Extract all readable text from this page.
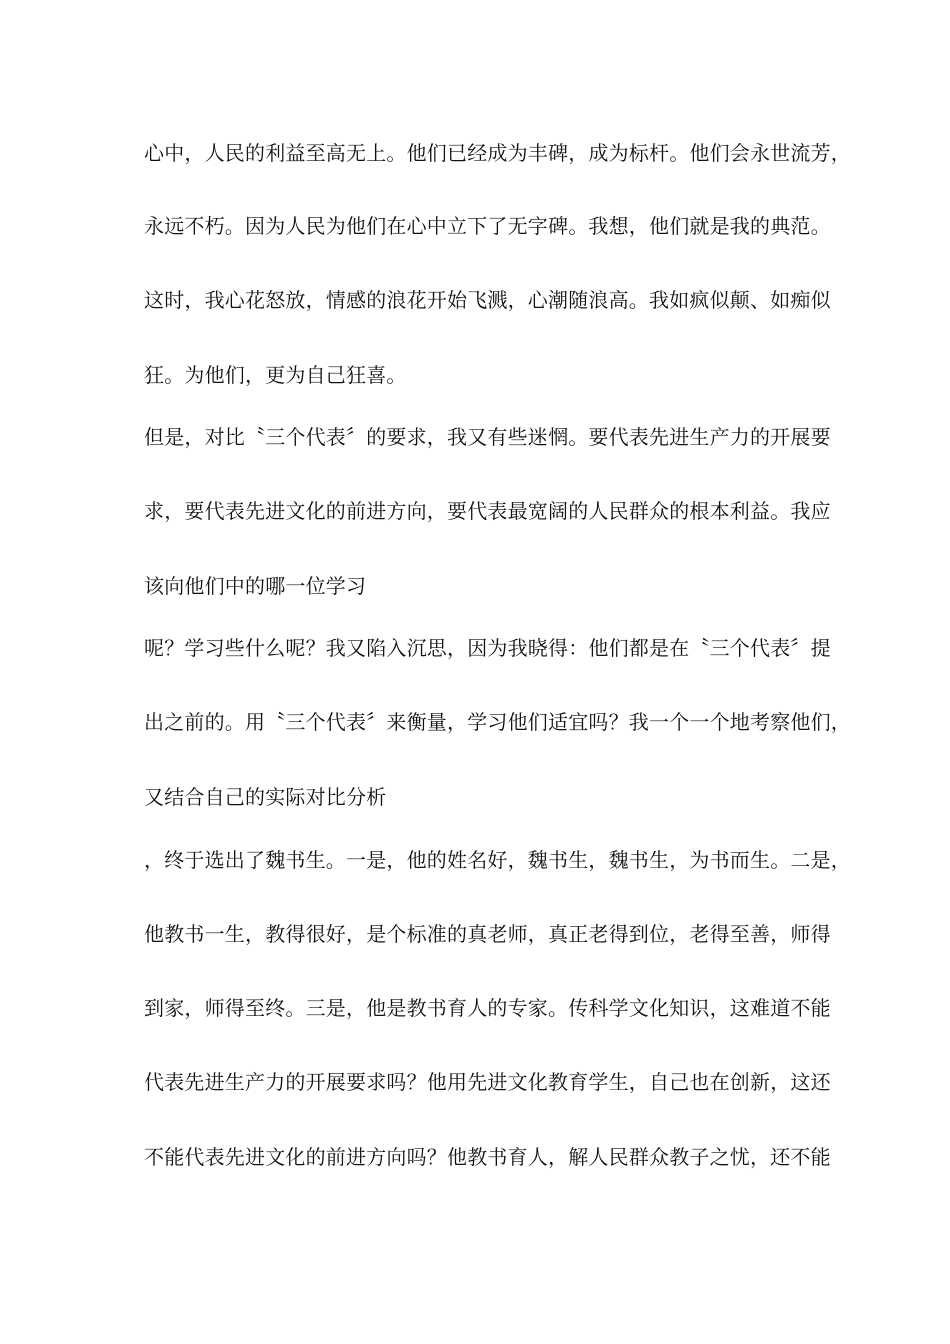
心中，人民的利益至高无上。他们已经成为丰碑，成为标杆。他们会永世流芳，
永远不朽。因为人民为他们在心中立下了无字碑。我想，他们就是我的典范。
这时，我心花怒放，情感的浪花开始飞溅，心潮随浪高。我如疯似颠、如痴似
狂。为他们，更为自己狂喜。
但是，对比〝三个代表〞的要求，我又有些迷惘。要代表先进生产力的开展要
求，要代表先进文化的前进方向，要代表最宽阔的人民群众的根本利益。我应
该向他们中的哪一位学习
呢？学习些什么呢？我又陷入沉思，因为我晓得：他们都是在〝三个代表〞提
出之前的。用〝三个代表〞来衡量，学习他们适宜吗？我一个一个地考察他们，
又结合自己的实际对比分析
，终于选出了魏书生。一是，他的姓名好，魏书生，魏书生，为书而生。二是，
他教书一生，教得很好，是个标准的真老师，真正老得到位，老得至善，师得
到家，师得至终。三是，他是教书育人的专家。传科学文化知识，这难道不能
代表先进生产力的开展要求吗？他用先进文化教育学生，自己也在创新，这还
不能代表先进文化的前进方向吗？他教书育人，解人民群众教子之忧，还不能
